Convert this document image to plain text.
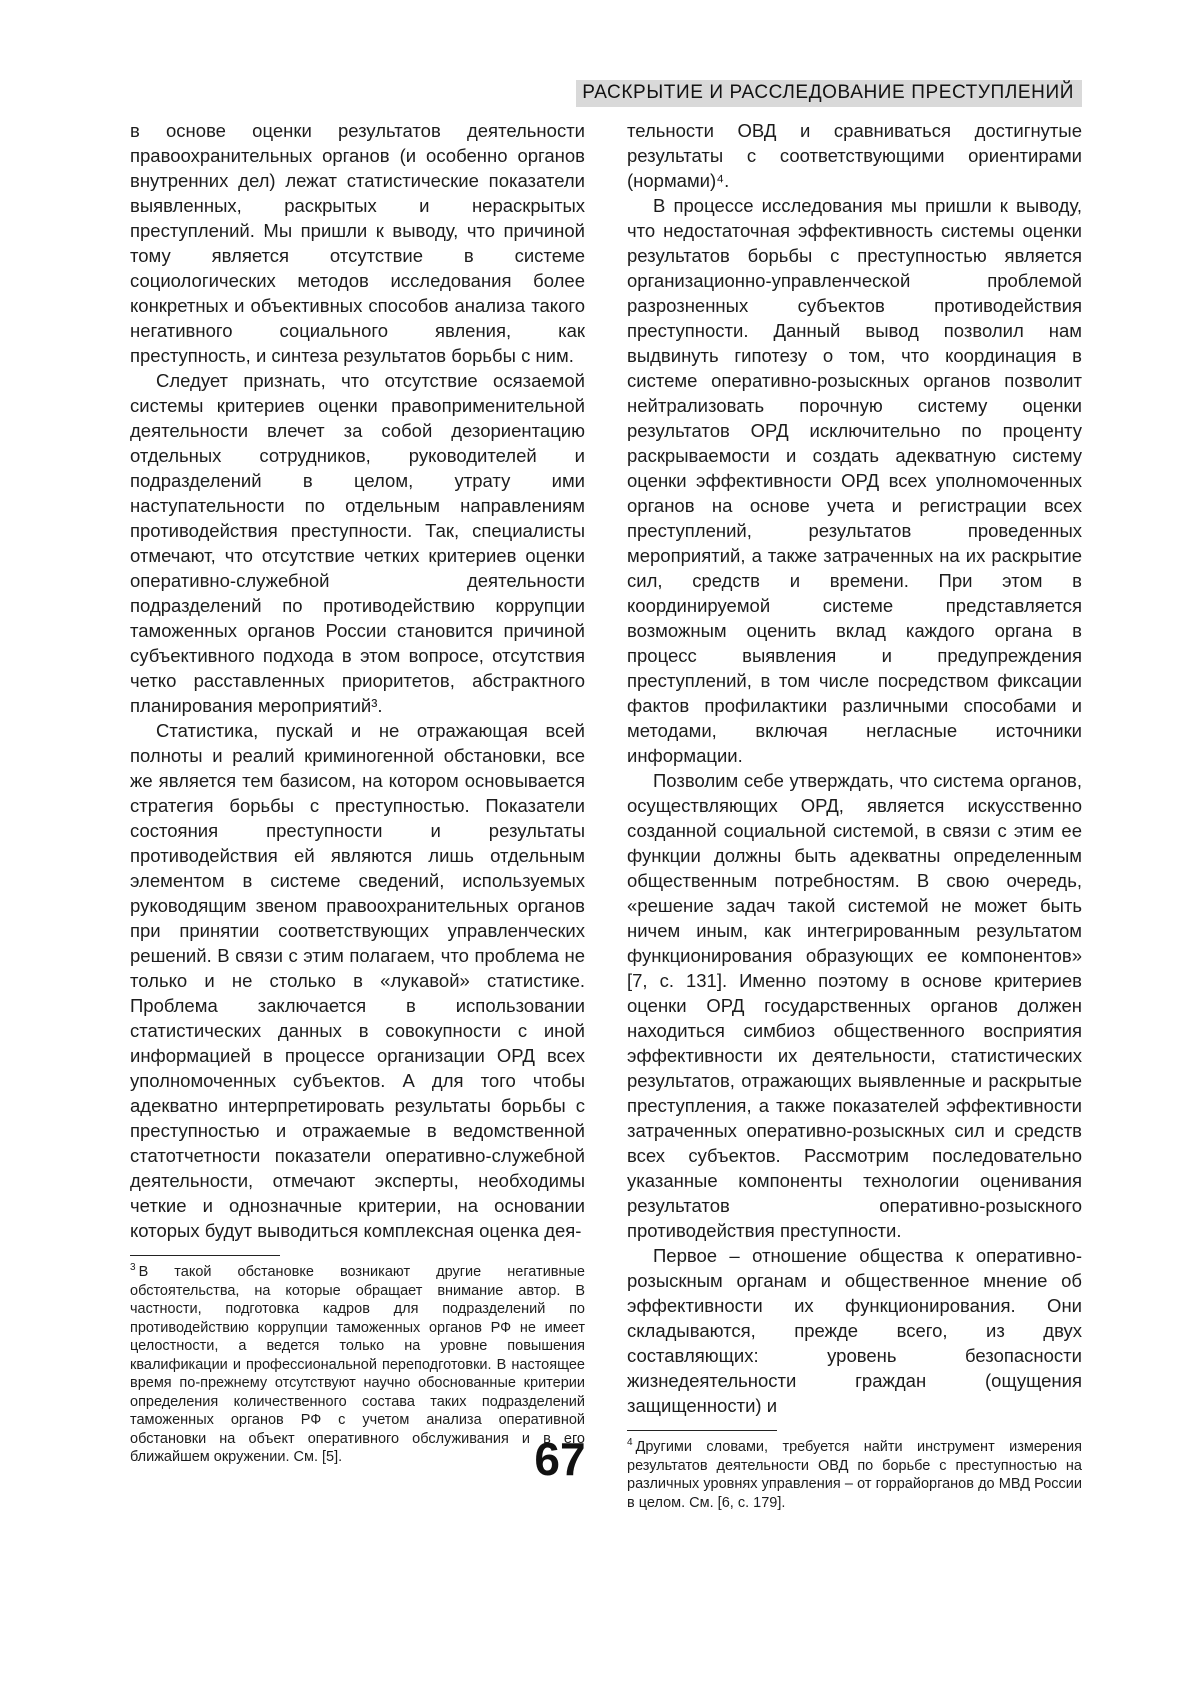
РАСКРЫТИЕ И РАССЛЕДОВАНИЕ ПРЕСТУПЛЕНИЙ

в основе оценки результатов деятельности правоохранительных органов (и особенно органов внутренних дел) лежат статистические показатели выявленных, раскрытых и нераскрытых преступлений. Мы пришли к выводу, что причиной тому является отсутствие в системе социологических методов исследования более конкретных и объективных способов анализа такого негативного социального явления, как преступность, и синтеза результатов борьбы с ним.

Следует признать, что отсутствие осязаемой системы критериев оценки правоприменительной деятельности влечет за собой дезориентацию отдельных сотрудников, руководителей и подразделений в целом, утрату ими наступательности по отдельным направлениям противодействия преступности. Так, специалисты отмечают, что отсутствие четких критериев оценки оперативно-служебной деятельности подразделений по противодействию коррупции таможенных органов России становится причиной субъективного подхода в этом вопросе, отсутствия четко расставленных приоритетов, абстрактного планирования мероприятий³.

Статистика, пускай и не отражающая всей полноты и реалий криминогенной обстановки, все же является тем базисом, на котором основывается стратегия борьбы с преступностью. Показатели состояния преступности и результаты противодействия ей являются лишь отдельным элементом в системе сведений, используемых руководящим звеном правоохранительных органов при принятии соответствующих управленческих решений. В связи с этим полагаем, что проблема не только и не столько в «лукавой» статистике. Проблема заключается в использовании статистических данных в совокупности с иной информацией в процессе организации ОРД всех уполномоченных субъектов. А для того чтобы адекватно интерпретировать результаты борьбы с преступностью и отражаемые в ведомственной статотчетности показатели оперативно-служебной деятельности, отмечают эксперты, необходимы четкие и однозначные критерии, на основании которых будут выводиться комплексная оценка дея-

$^3$ В такой обстановке возникают другие негативные обстоятельства, на которые обращает внимание автор. В частности, подготовка кадров для подразделений по противодействию коррупции таможенных органов РФ не имеет целостности, а ведется только на уровне повышения квалификации и профессиональной переподготовки. В настоящее время по-прежнему отсутствуют научно обоснованные критерии определения количественного состава таких подразделений таможенных органов РФ с учетом анализа оперативной обстановки на объект оперативного обслуживания и в его ближайшем окружении. См. [5].

тельности ОВД и сравниваться достигнутые результаты с соответствующими ориентирами (нормами)⁴.

В процессе исследования мы пришли к выводу, что недостаточная эффективность системы оценки результатов борьбы с преступностью является организационно-управленческой проблемой разрозненных субъектов противодействия преступности. Данный вывод позволил нам выдвинуть гипотезу о том, что координация в системе оперативно-розыскных органов позволит нейтрализовать порочную систему оценки результатов ОРД исключительно по проценту раскрываемости и создать адекватную систему оценки эффективности ОРД всех уполномоченных органов на основе учета и регистрации всех преступлений, результатов проведенных мероприятий, а также затраченных на их раскрытие сил, средств и времени. При этом в координируемой системе представляется возможным оценить вклад каждого органа в процесс выявления и предупреждения преступлений, в том числе посредством фиксации фактов профилактики различными способами и методами, включая негласные источники информации.

Позволим себе утверждать, что система органов, осуществляющих ОРД, является искусственно созданной социальной системой, в связи с этим ее функции должны быть адекватны определенным общественным потребностям. В свою очередь, «решение задач такой системой не может быть ничем иным, как интегрированным результатом функционирования образующих ее компонентов» [7, с. 131]. Именно поэтому в основе критериев оценки ОРД государственных органов должен находиться симбиоз общественного восприятия эффективности их деятельности, статистических результатов, отражающих выявленные и раскрытые преступления, а также показателей эффективности затраченных оперативно-розыскных сил и средств всех субъектов. Рассмотрим последовательно указанные компоненты технологии оценивания результатов оперативно-розыскного противодействия преступности.

Первое – отношение общества к оперативно-розыскным органам и общественное мнение об эффективности их функционирования. Они складываются, прежде всего, из двух составляющих: уровень безопасности жизнедеятельности граждан (ощущения защищенности) и

$^4$ Другими словами, требуется найти инструмент измерения результатов деятельности ОВД по борьбе с преступностью на различных уровнях управления – от горрайорганов до МВД России в целом. См. [6, с. 179].
67
